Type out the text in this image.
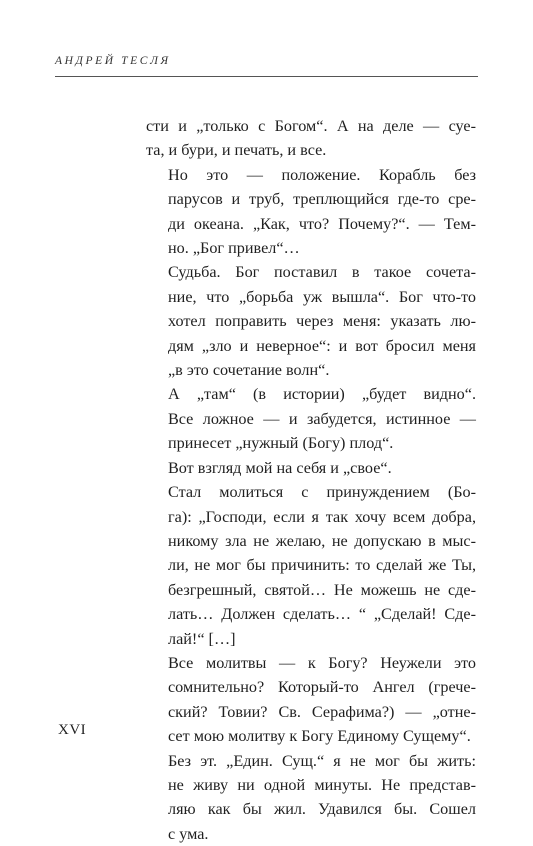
АНДРЕЙ ТЕСЛЯ

сти и „только с Богом“. А на деле — суе-
та, и бури, и печать, и все.

Но это — положение. Корабль без
парусов и труб, треплющийся где-то сре-
ди океана. „Как, что? Почему?“. — Тем-
но. „Бог привел“…

Судьба. Бог поставил в такое сочета-
ние, что „борьба уж вышла“. Бог что-то
хотел поправить через меня: указать лю-
дям „зло и неверное“: и вот бросил меня
„в это сочетание волн“.

А „там“ (в истории) „будет видно“.
Все ложное — и забудется, истинное —
принесет „нужный (Богу) плод“.

Вот взгляд мой на себя и „свое“.

Стал молиться с принуждением (Бо-
га): „Господи, если я так хочу всем добра,
никому зла не желаю, не допускаю в мыс-
ли, не мог бы причинить: то сделай же Ты,
безгрешный, святой… Не можешь не сде-
лать… Должен сделать… “ „Сделай! Сде-
лай!“ […]

Все молитвы — к Богу? Неужели это
сомнительно? Который-то Ангел (грече-
ский? Товии? Св. Серафима?) — „отне-
сет мою молитву к Богу Единому Сущему“.

Без эт. „Един. Сущ.“ я не мог бы жить:
не живу ни одной минуты. Не представ-
ляю как бы жил. Удавился бы. Сошел
с ума.

XVI
